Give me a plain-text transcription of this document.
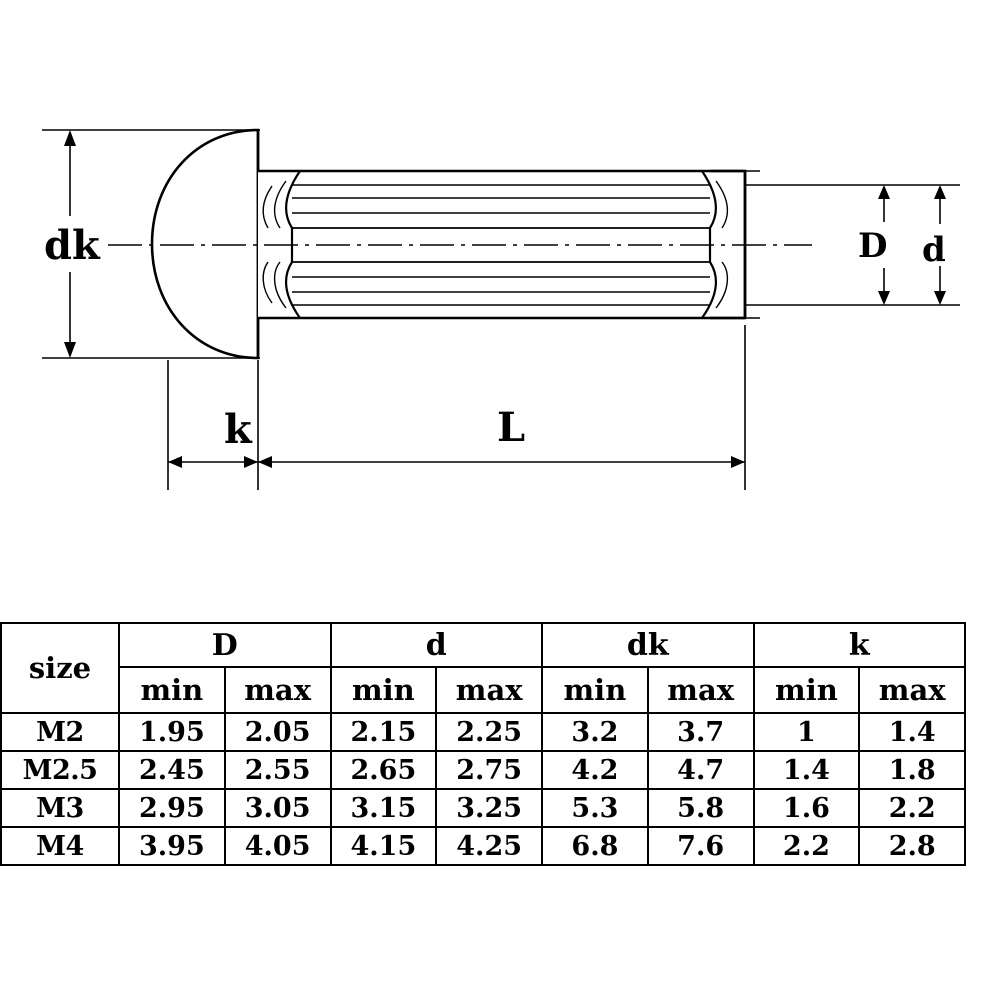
dk	D d
k	L
size	D		d		dk		k	
	min	max	min	max	min	max	min	max
M2	1.95	2.05	2.15	2.25	3.2	3.7	1	1.4
M2.5	2.45	2.55	2.65	2.75	4.2	4.7	1.4	1.8
M3	2.95	3.05	3.15	3.25	5.3	5.8	1.6	2.2
M4	3.95	4.05	4.15	4.25	6.8	7.6	2.2	2.8
